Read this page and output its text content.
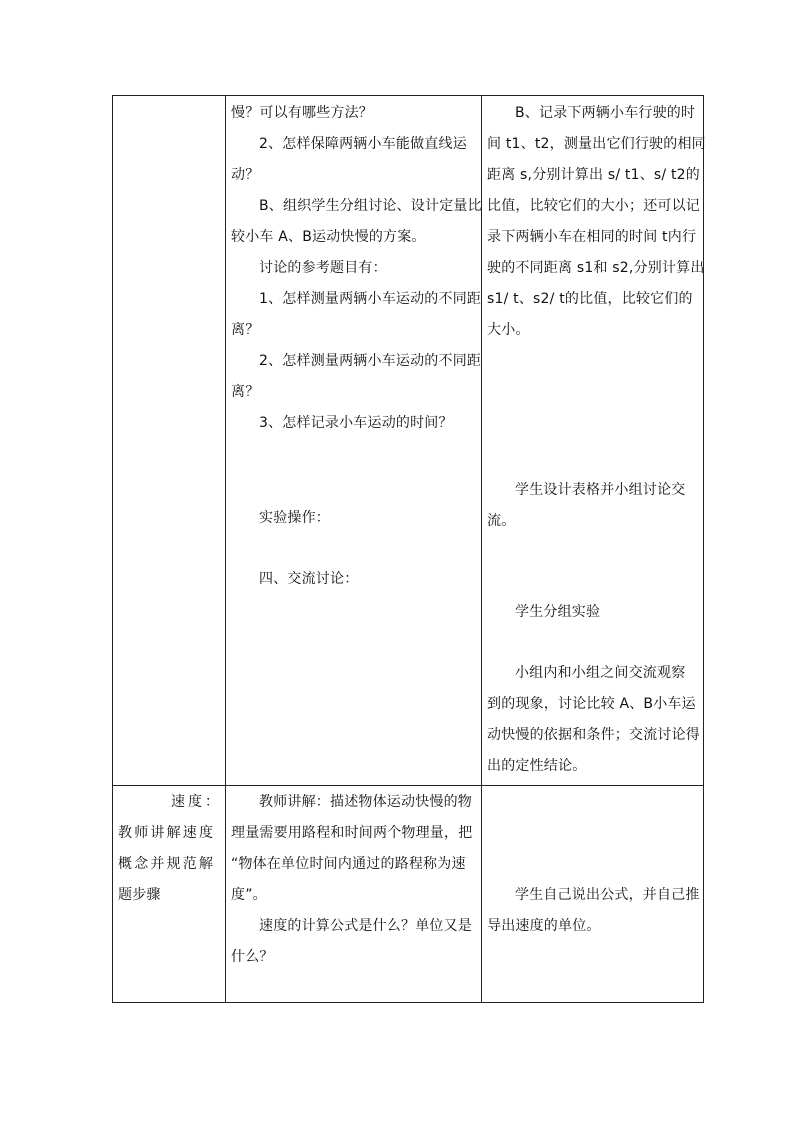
慢？可以有哪些方法？
2、怎样保障两辆小车能做直线运
动？
B、组织学生分组讨论、设计定量比
较小车 A、B运动快慢的方案。
讨论的参考题目有：
1、怎样测量两辆小车运动的不同距
离？
2、怎样测量两辆小车运动的不同距
离？
3、怎样记录小车运动的时间？
实验操作：
四、交流讨论：
B、记录下两辆小车行驶的时
间 t1、t2，测量出它们行驶的相同
距离 s,分别计算出 s/ t1、s/ t2的
比值，比较它们的大小；还可以记
录下两辆小车在相同的时间 t内行
驶的不同距离 s1和 s2,分别计算出
s1/ t、s2/ t的比值，比较它们的
大小。
学生设计表格并小组讨论交
流。
学生分组实验
小组内和小组之间交流观察
到的现象，讨论比较 A、B小车运
动快慢的依据和条件；交流讨论得
出的定性结论。
速度：
教师讲解速度
概念并规范解
题步骤
教师讲解：描述物体运动快慢的物
理量需要用路程和时间两个物理量，把
“物体在单位时间内通过的路程称为速
度”。
速度的计算公式是什么？单位又是
什么？
学生自己说出公式，并自己推
导出速度的单位。
